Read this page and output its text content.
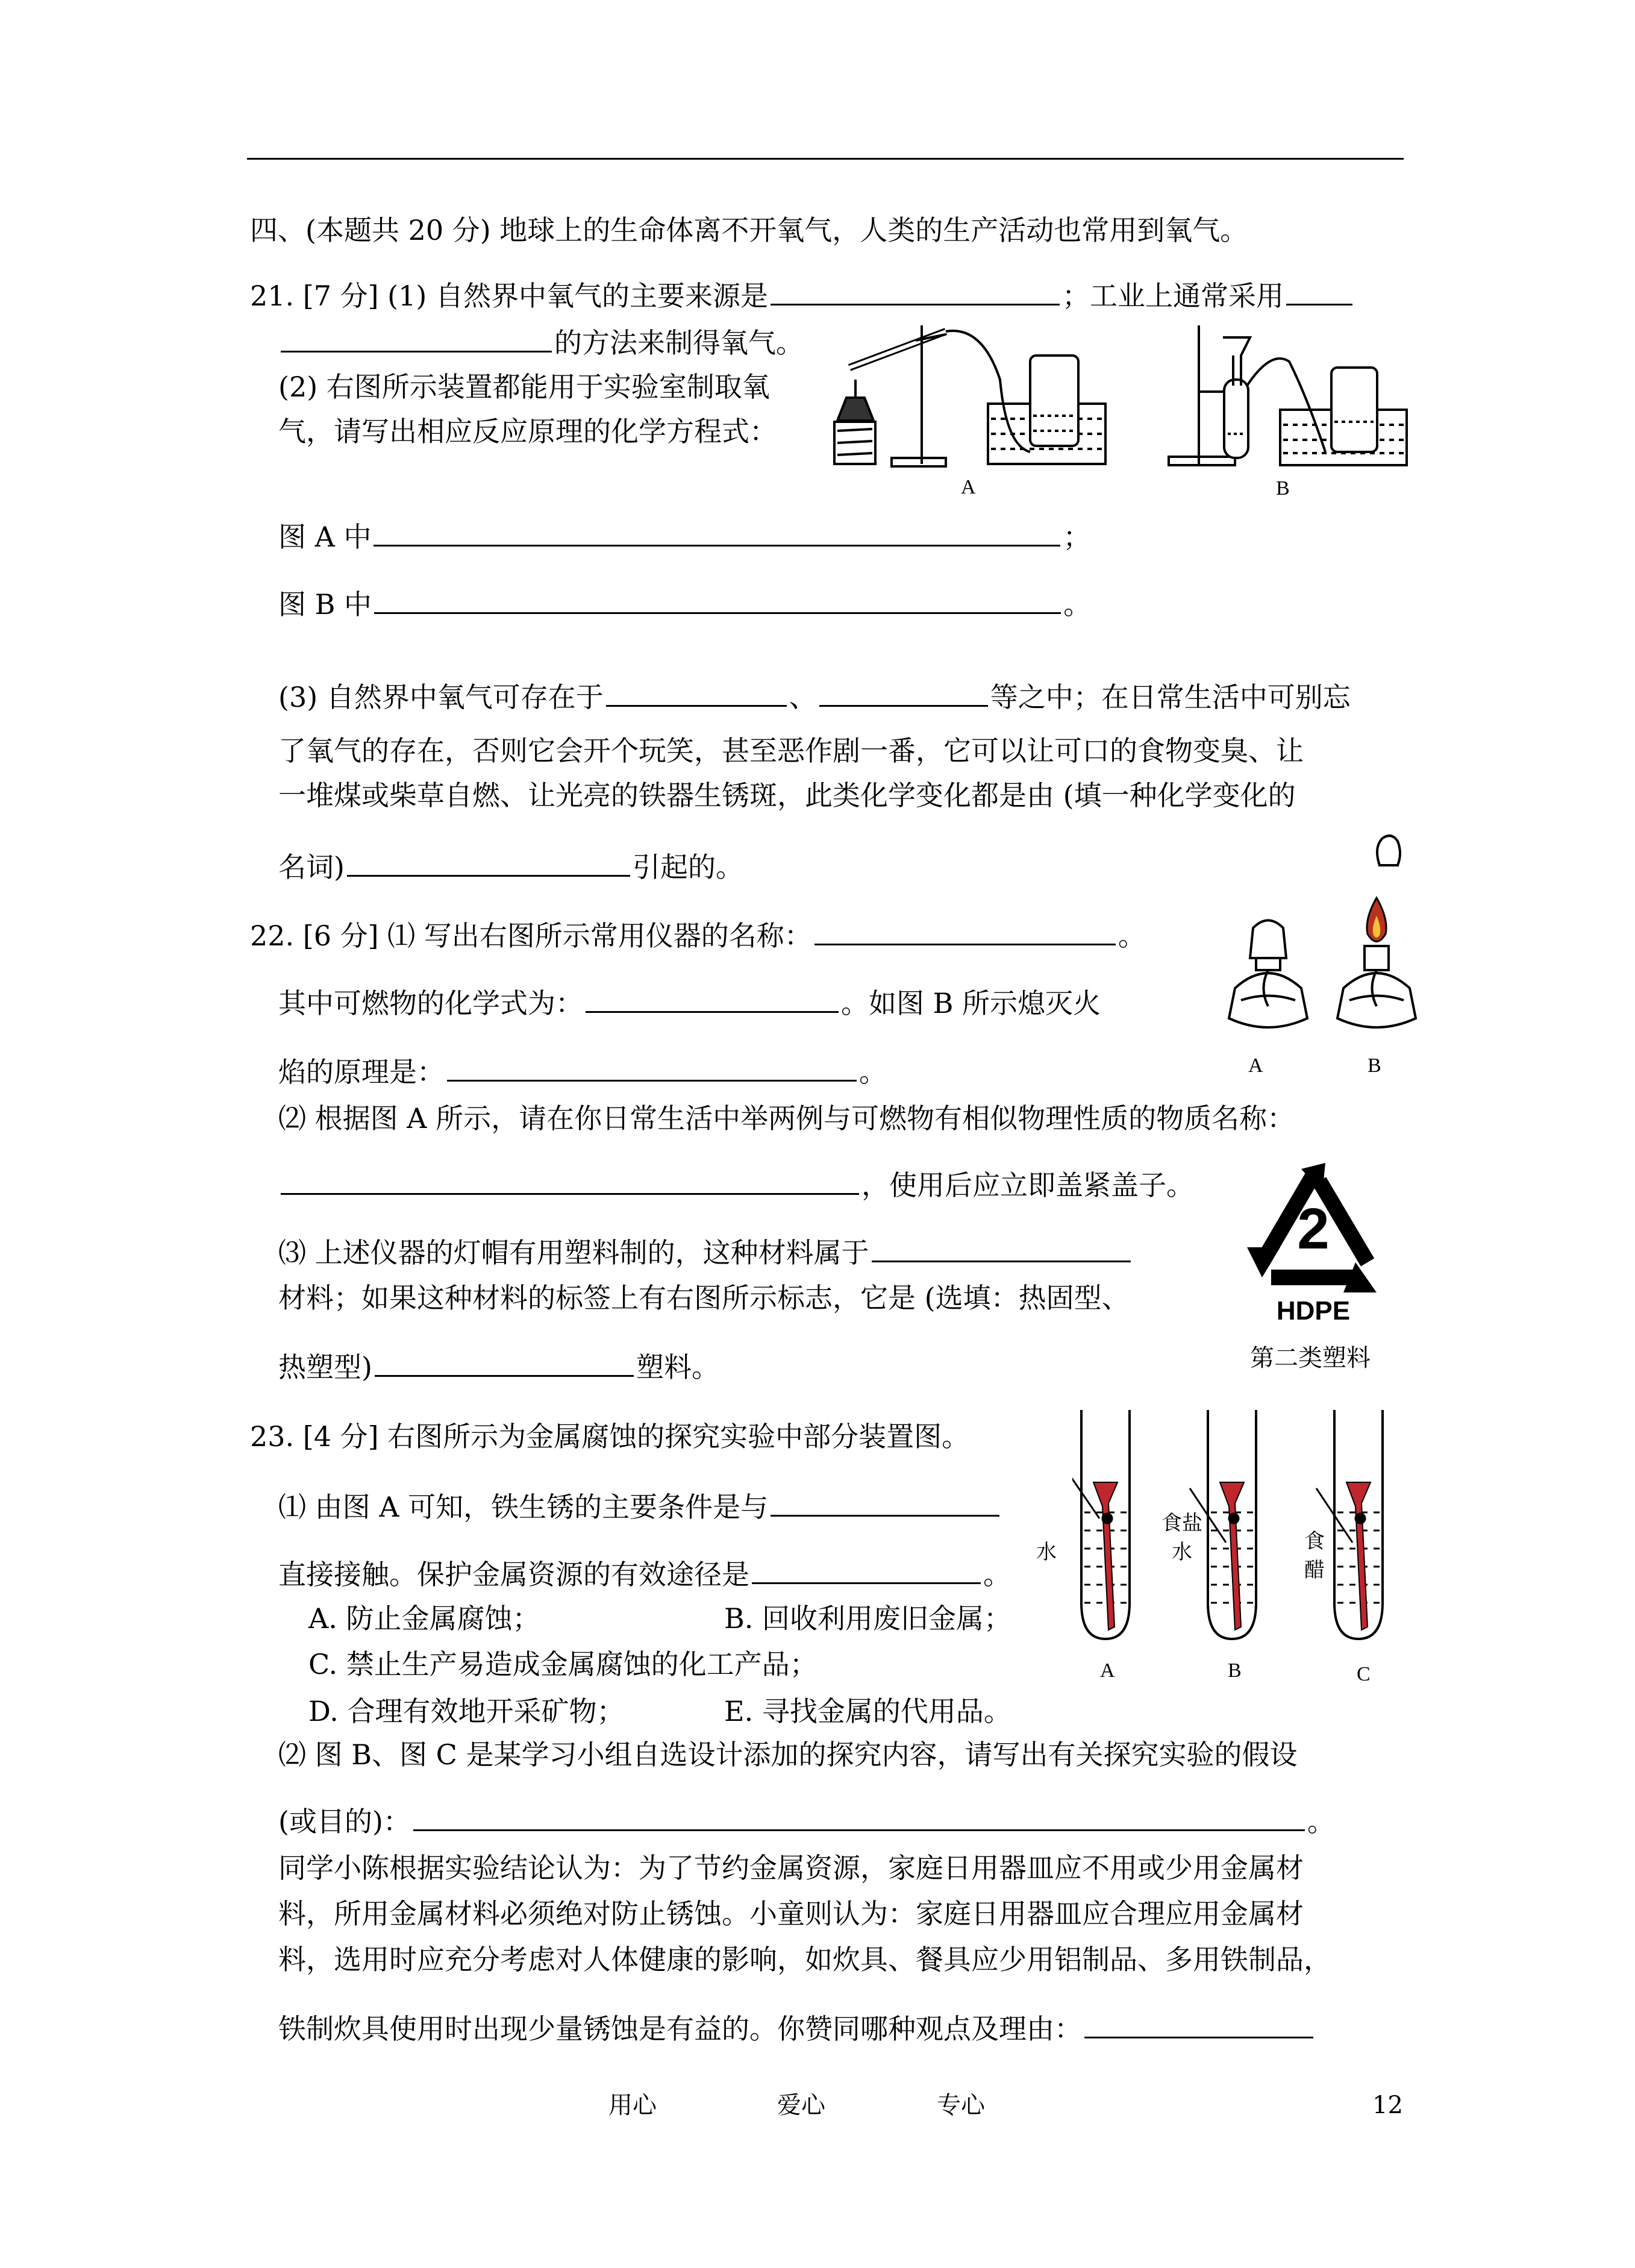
四、(本题共 20 分) 地球上的生命体离不开氧气，人类的生产活动也常用到氧气。
21. [7 分] (1) 自然界中氧气的主要来源是	；工业上通常采用
的方法来制得氧气。
(2) 右图所示装置都能用于实验室制取氧
气，请写出相应反应原理的化学方程式：
A	B
图 A 中	；
图 B 中	。
(3) 自然界中氧气可存在于	、	等之中；在日常生活中可别忘
了氧气的存在，否则它会开个玩笑，甚至恶作剧一番，它可以让可口的食物变臭、让
一堆煤或柴草自燃、让光亮的铁器生锈斑，此类化学变化都是由 (填一种化学变化的
名词)	引起的。
22. [6 分] ⑴ 写出右图所示常用仪器的名称：	。
其中可燃物的化学式为：	。如图 B 所示熄灭火
焰的原理是：	。	A	B
⑵ 根据图 A 所示，请在你日常生活中举两例与可燃物有相似物理性质的物质名称：
，使用后应立即盖紧盖子。
⑶ 上述仪器的灯帽有用塑料制的，这种材料属于
材料；如果这种材料的标签上有右图所示标志，它是 (选填：热固型、
热塑型)	塑料。
2
HDPE
第二类塑料
23. [4 分] 右图所示为金属腐蚀的探究实验中部分装置图。
⑴ 由图 A 可知，铁生锈的主要条件是与
直接接触。保护金属资源的有效途径是	。
A. 防止金属腐蚀；	B. 回收利用废旧金属；
C. 禁止生产易造成金属腐蚀的化工产品；
D. 合理有效地开采矿物；	E. 寻找金属的代用品。
水
食盐
水	食
醋
A	B	C
⑵ 图 B、图 C 是某学习小组自选设计添加的探究内容，请写出有关探究实验的假设
(或目的)：	。
同学小陈根据实验结论认为：为了节约金属资源，家庭日用器皿应不用或少用金属材
料，所用金属材料必须绝对防止锈蚀。小童则认为：家庭日用器皿应合理应用金属材
料，选用时应充分考虑对人体健康的影响，如炊具、餐具应少用铝制品、多用铁制品，
铁制炊具使用时出现少量锈蚀是有益的。你赞同哪种观点及理由：
用心	爱心	专心	12
